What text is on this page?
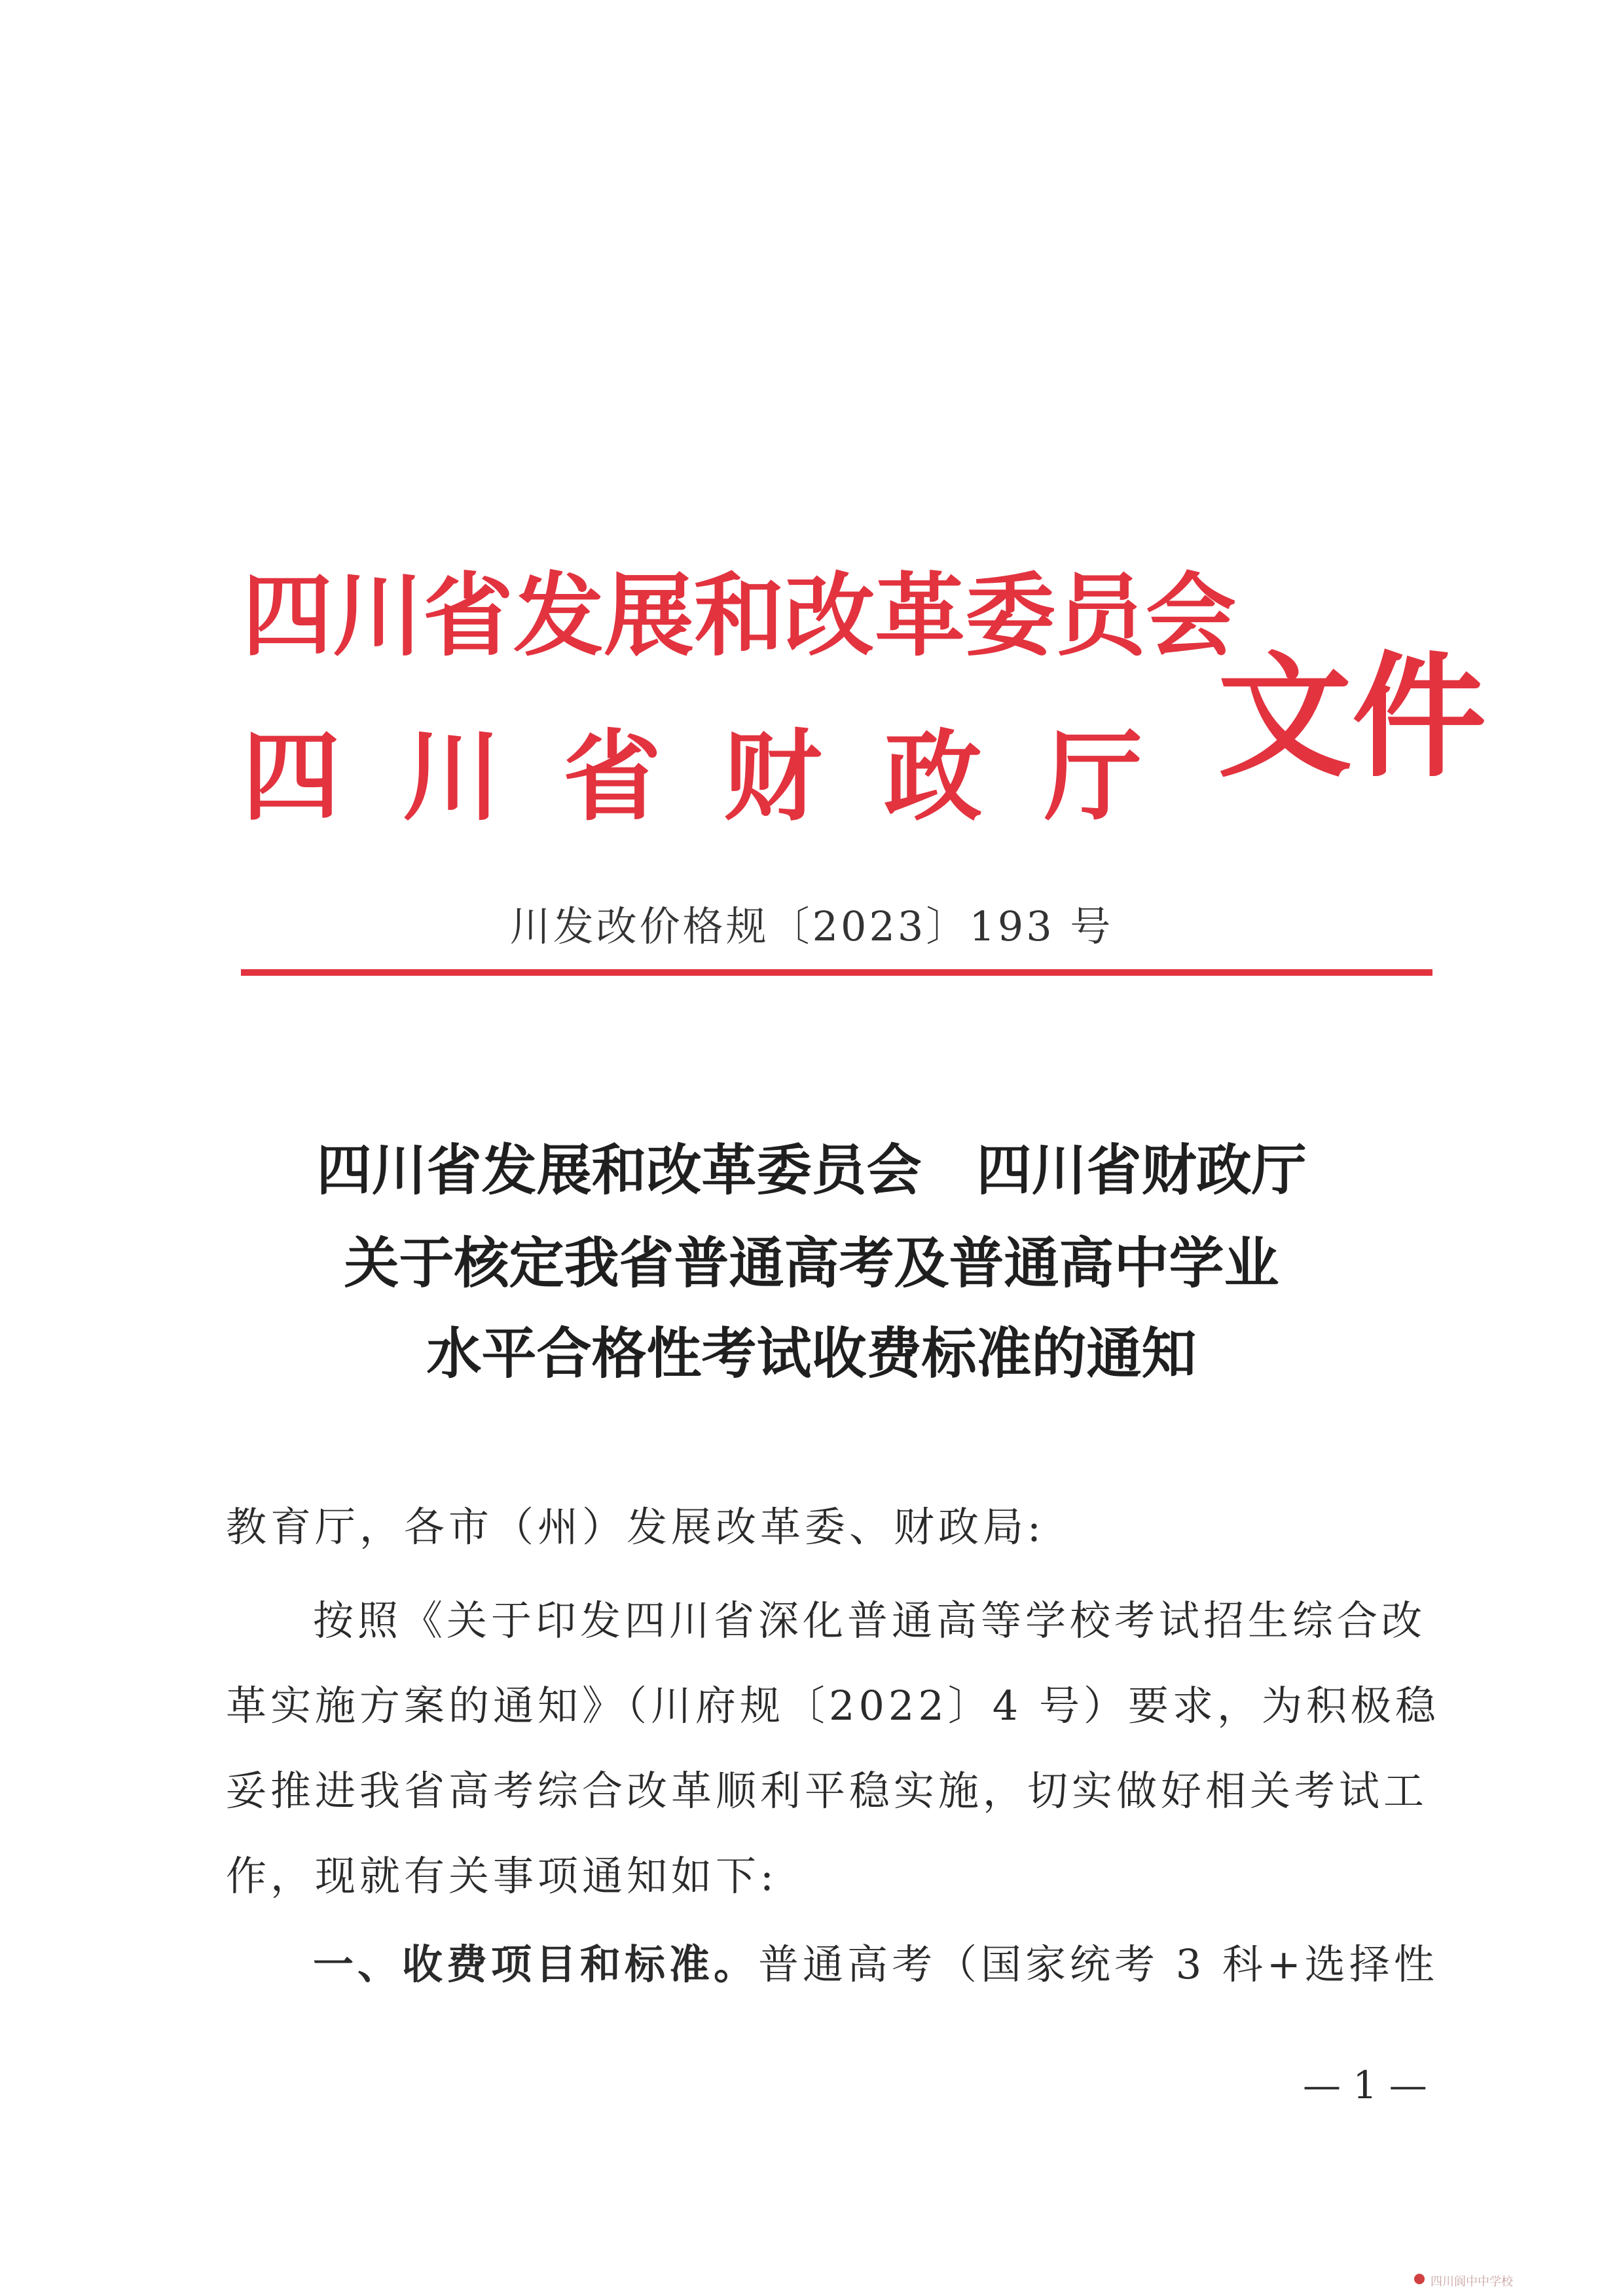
四川省发展和改革委员会
四川省财政厅 文件
川发改价格规〔2023〕193 号
四川省发展和改革委员会　四川省财政厅
关于核定我省普通高考及普通高中学业
水平合格性考试收费标准的通知
教育厅，各市（州）发展改革委、财政局:
按照《关于印发四川省深化普通高等学校考试招生综合改
革实施方案的通知》（川府规〔2022〕4 号）要求，为积极稳
妥推进我省高考综合改革顺利平稳实施，切实做好相关考试工
作，现就有关事项通知如下:
一、收费项目和标准。普通高考（国家统考 3 科+选择性
— 1 —
四川阆中中学校
